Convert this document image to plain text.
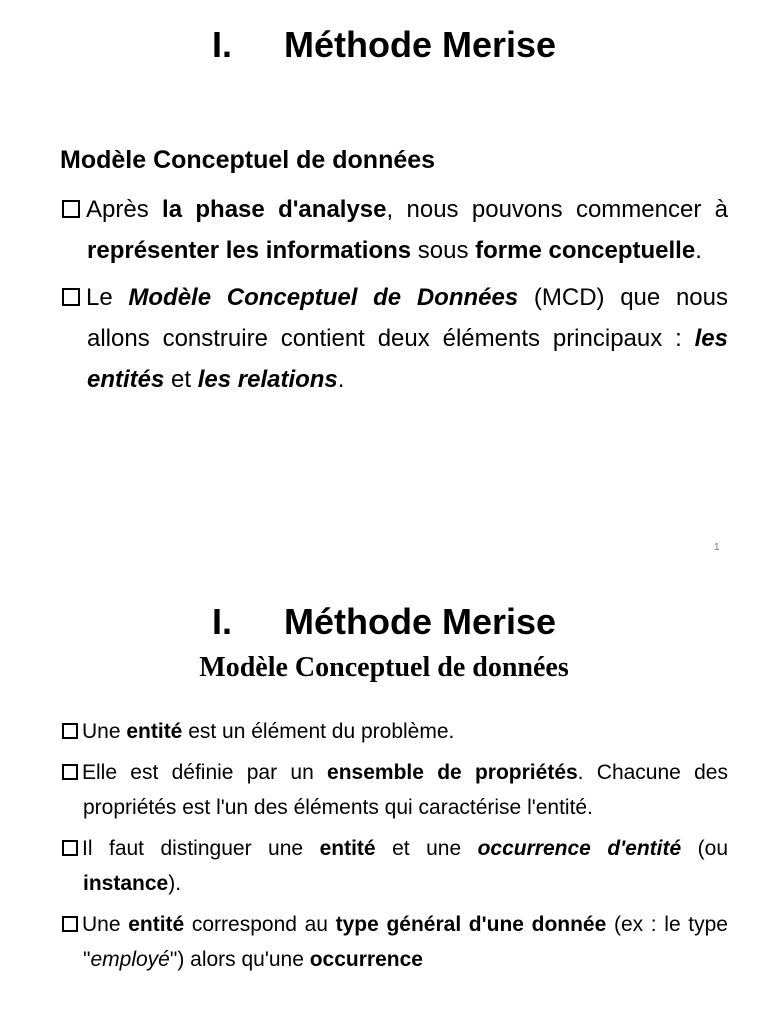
I. Méthode Merise
Modèle Conceptuel de données

Après la phase d'analyse, nous pouvons commencer à représenter les informations sous forme conceptuelle.

Le Modèle Conceptuel de Données (MCD) que nous allons construire contient deux éléments principaux : les entités et les relations.

1
I. Méthode Merise
Modèle Conceptuel de données

Une entité est un élément du problème.

Elle est définie par un ensemble de propriétés. Chacune des propriétés est l'un des éléments qui caractérise l'entité.

Il faut distinguer une entité et une occurrence d'entité (ou instance).

Une entité correspond au type général d'une donnée (ex : le type "employé") alors qu'une occurrence
